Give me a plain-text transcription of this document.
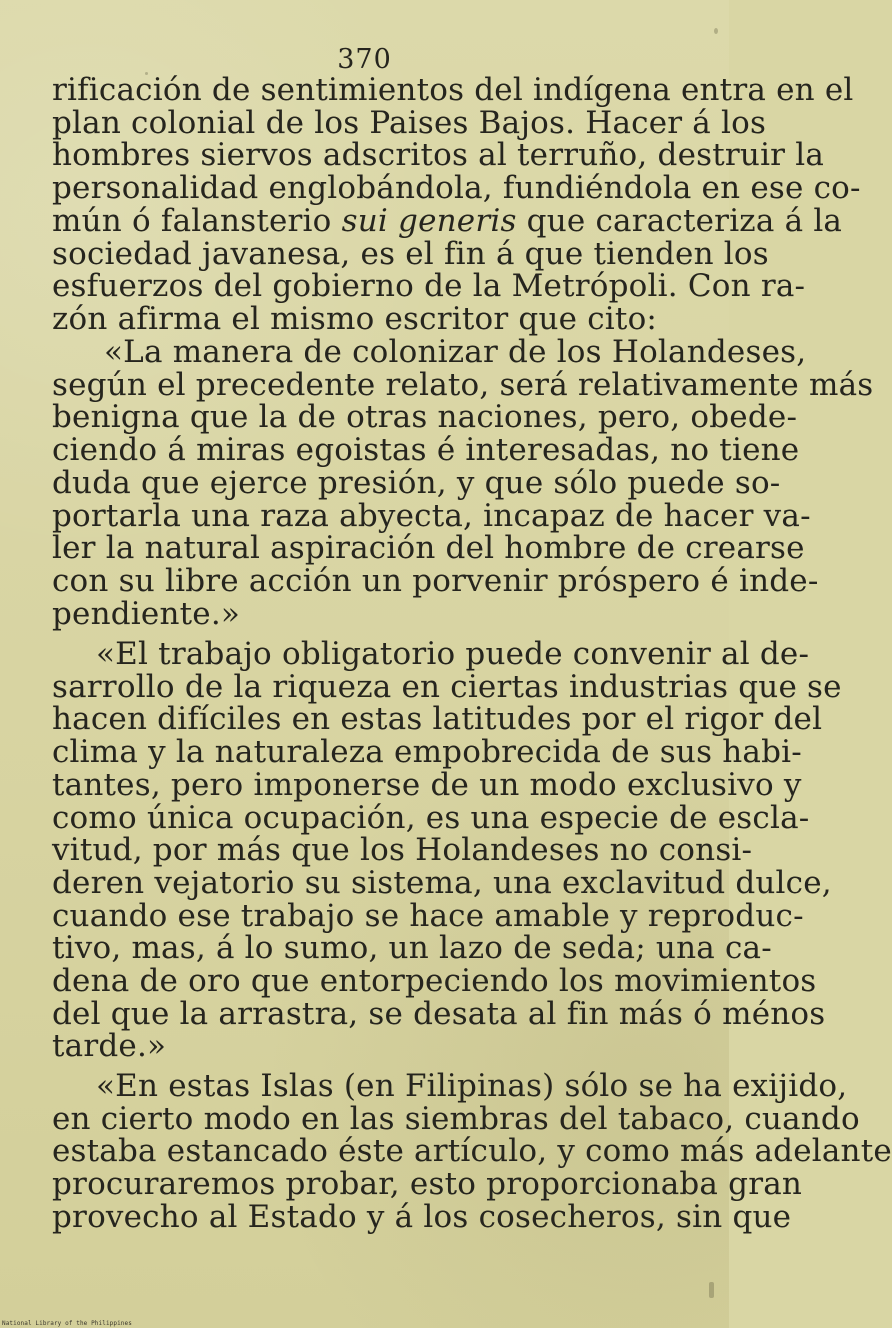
370
rificación de sentimientos del indígena entra en el
plan colonial de los Paises Bajos. Hacer á los
hombres siervos adscritos al terruño, destruir la
personalidad englobándola, fundiéndola en ese co-
mún ó falansterio sui generis que caracteriza á la
sociedad javanesa, es el fin á que tienden los
esfuerzos del gobierno de la Metrópoli. Con ra-
zón afirma el mismo escritor que cito:
«La manera de colonizar de los Holandeses,
según el precedente relato, será relativamente más
benigna que la de otras naciones, pero, obede-
ciendo á miras egoistas é interesadas, no tiene
duda que ejerce presión, y que sólo puede so-
portarla una raza abyecta, incapaz de hacer va-
ler la natural aspiración del hombre de crearse
con su libre acción un porvenir próspero é inde-
pendiente.»
«El trabajo obligatorio puede convenir al de-
sarrollo de la riqueza en ciertas industrias que se
hacen difíciles en estas latitudes por el rigor del
clima y la naturaleza empobrecida de sus habi-
tantes, pero imponerse de un modo exclusivo y
como única ocupación, es una especie de escla-
vitud, por más que los Holandeses no consi-
deren vejatorio su sistema, una exclavitud dulce,
cuando ese trabajo se hace amable y reproduc-
tivo, mas, á lo sumo, un lazo de seda; una ca-
dena de oro que entorpeciendo los movimientos
del que la arrastra, se desata al fin más ó ménos
tarde.»
«En estas Islas (en Filipinas) sólo se ha exijido,
en cierto modo en las siembras del tabaco, cuando
estaba estancado éste artículo, y como más adelante
procuraremos probar, esto proporcionaba gran
provecho al Estado y á los cosecheros, sin que
National Library of the Philippines
